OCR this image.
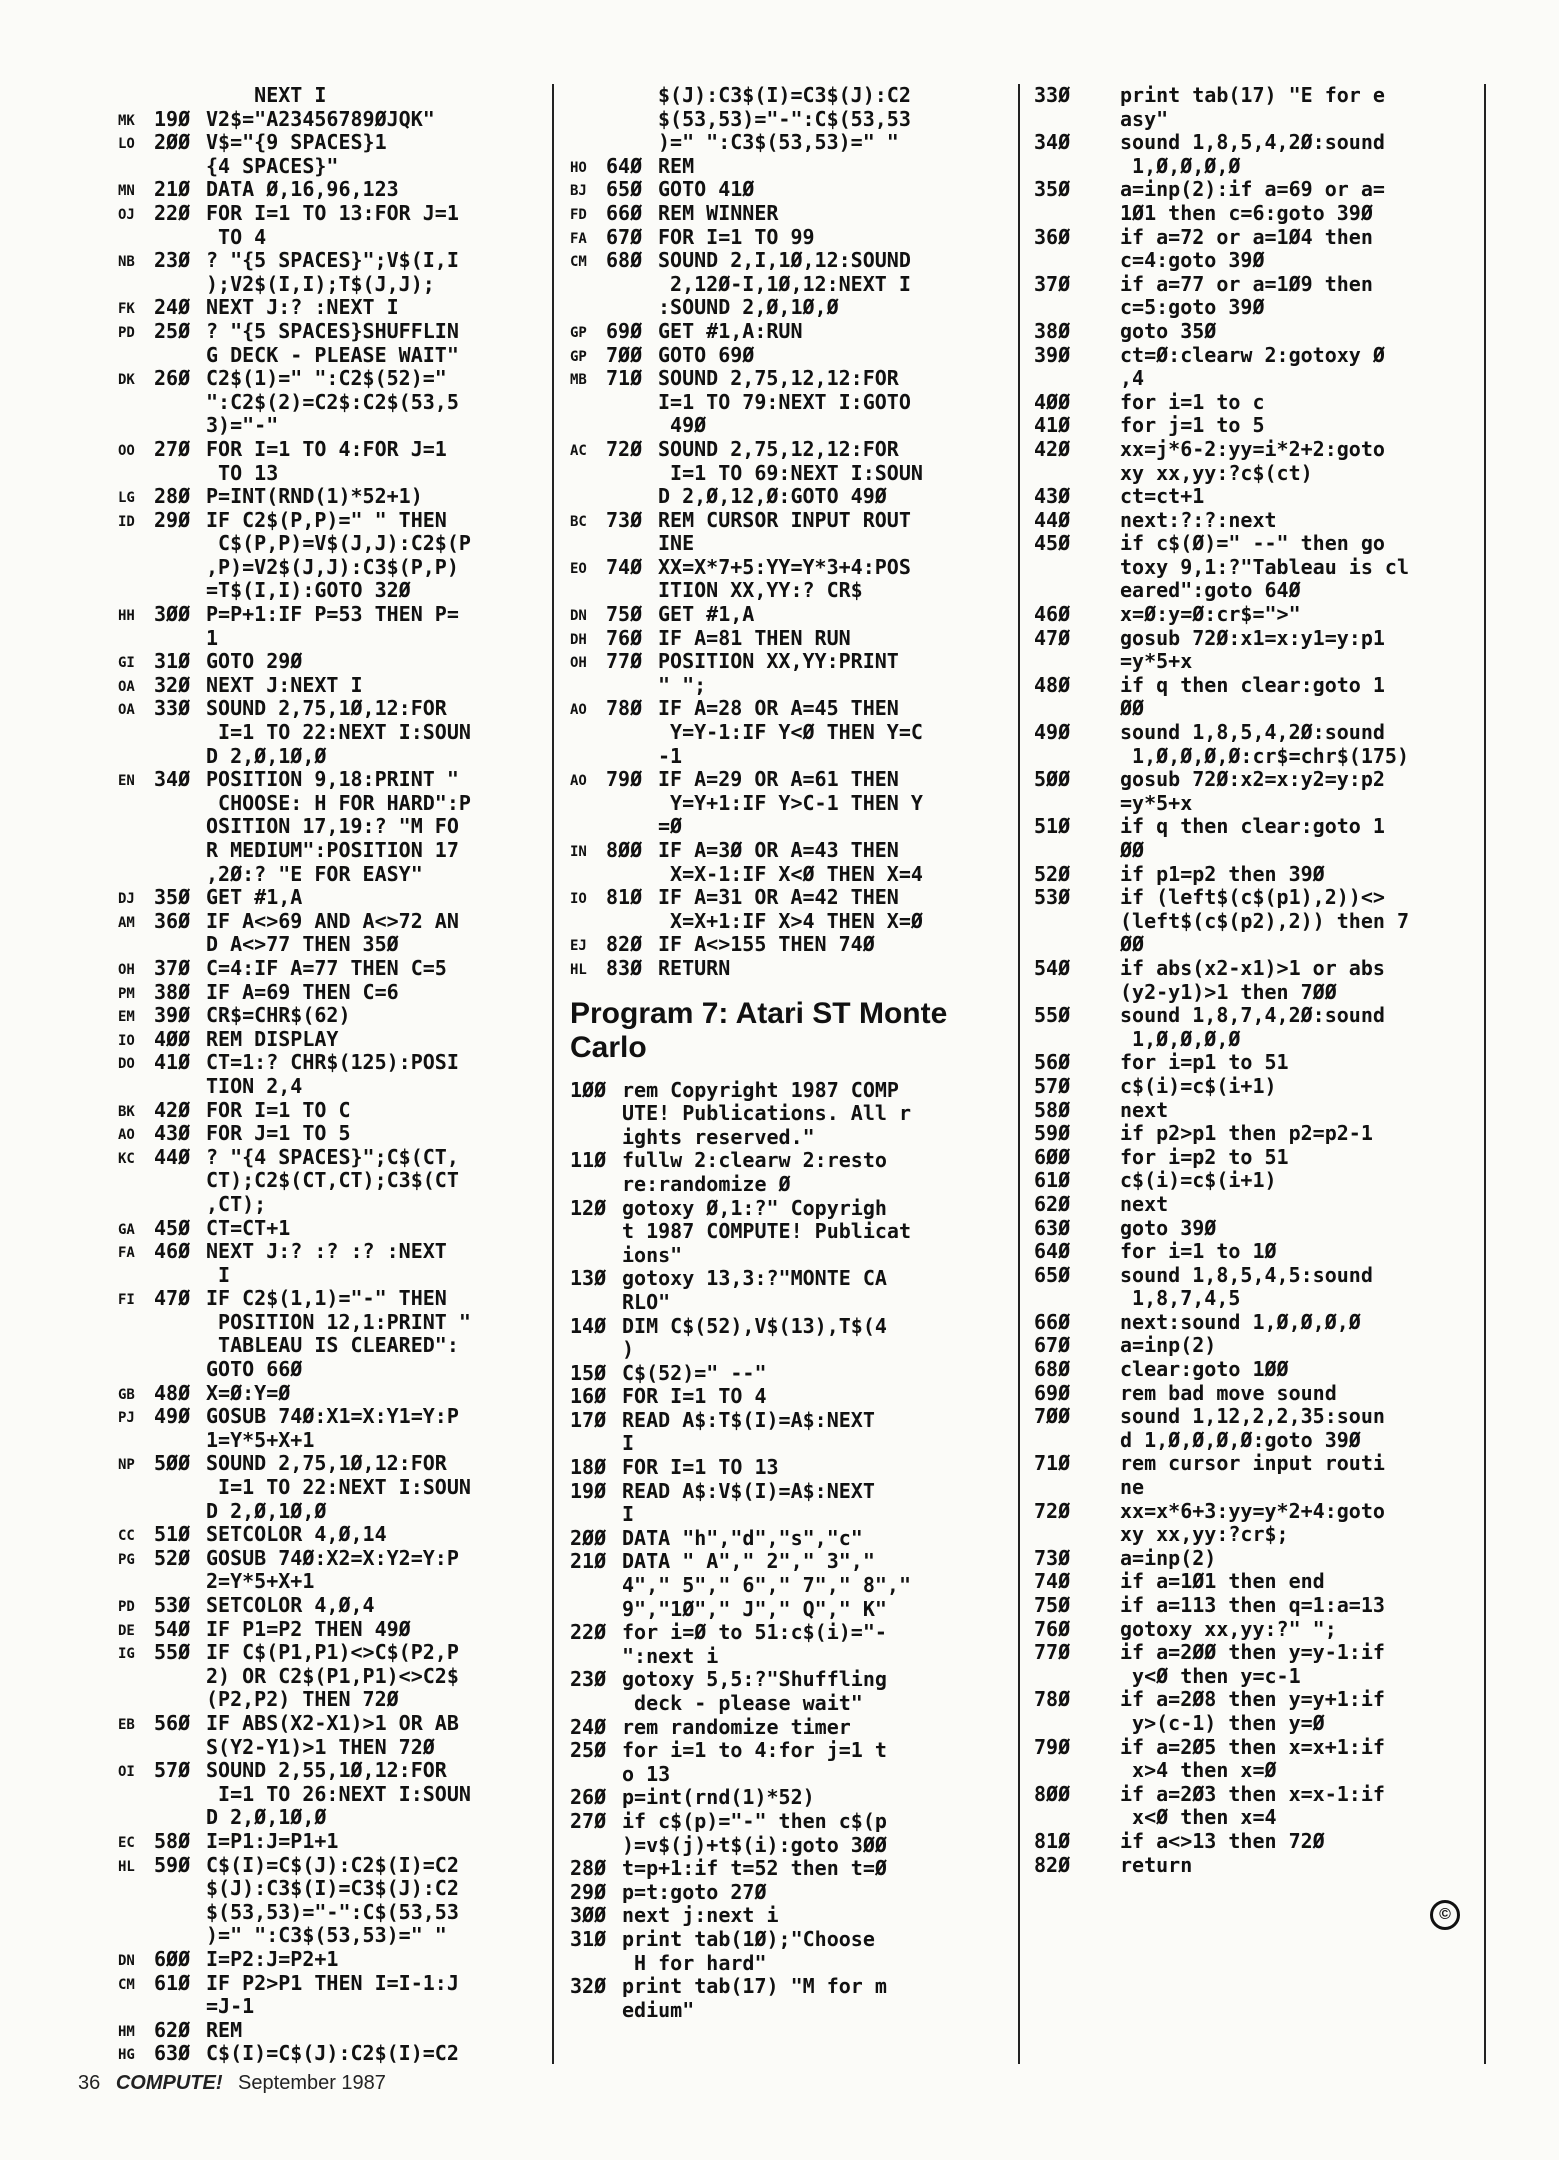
NEXT I
MK 19Ø V2$="A23456789ØJQK"
LO 2ØØ V$="{9 SPACES}1
{4 SPACES}"
MN 21Ø DATA Ø,16,96,123
OJ 22Ø FOR I=1 TO 13:FOR J=1
TO 4
NB 23Ø ? "{5 SPACES}";V$(I,I
);V2$(I,I);T$(J,J);
FK 24Ø NEXT J:? :NEXT I
PD 25Ø ? "{5 SPACES}SHUFFLIN
G DECK - PLEASE WAIT"
DK 26Ø C2$(1)=" ":C2$(52)="
":C2$(2)=C2$:C2$(53,5
3)="-"
OO 27Ø FOR I=1 TO 4:FOR J=1
TO 13
LG 28Ø P=INT(RND(1)*52+1)
ID 29Ø IF C2$(P,P)=" " THEN
C$(P,P)=V$(J,J):C2$(P
,P)=V2$(J,J):C3$(P,P)
=T$(I,I):GOTO 32Ø
HH 3ØØ P=P+1:IF P=53 THEN P=
1
GI 31Ø GOTO 29Ø
OA 32Ø NEXT J:NEXT I
OA 33Ø SOUND 2,75,1Ø,12:FOR
I=1 TO 22:NEXT I:SOUN
D 2,Ø,1Ø,Ø
EN 34Ø POSITION 9,18:PRINT "
CHOOSE: H FOR HARD":P
OSITION 17,19:? "M FO
R MEDIUM":POSITION 17
,2Ø:? "E FOR EASY"
DJ 35Ø GET #1,A
AM 36Ø IF A<>69 AND A<>72 AN
D A<>77 THEN 35Ø
OH 37Ø C=4:IF A=77 THEN C=5
PM 38Ø IF A=69 THEN C=6
EM 39Ø CR$=CHR$(62)
IO 4ØØ REM DISPLAY
DO 41Ø CT=1:? CHR$(125):POSI
TION 2,4
BK 42Ø FOR I=1 TO C
AO 43Ø FOR J=1 TO 5
KC 44Ø ? "{4 SPACES}";C$(CT,
CT);C2$(CT,CT);C3$(CT
,CT);
GA 45Ø CT=CT+1
FA 46Ø NEXT J:? :? :? :NEXT
I
FI 47Ø IF C2$(1,1)="-" THEN
POSITION 12,1:PRINT "
TABLEAU IS CLEARED":
GOTO 66Ø
GB 48Ø X=Ø:Y=Ø
PJ 49Ø GOSUB 74Ø:X1=X:Y1=Y:P
1=Y*5+X+1
NP 5ØØ SOUND 2,75,1Ø,12:FOR
I=1 TO 22:NEXT I:SOUN
D 2,Ø,1Ø,Ø
CC 51Ø SETCOLOR 4,Ø,14
PG 52Ø GOSUB 74Ø:X2=X:Y2=Y:P
2=Y*5+X+1
PD 53Ø SETCOLOR 4,Ø,4
DE 54Ø IF P1=P2 THEN 49Ø
IG 55Ø IF C$(P1,P1)<>C$(P2,P
2) OR C2$(P1,P1)<>C2$
(P2,P2) THEN 72Ø
EB 56Ø IF ABS(X2-X1)>1 OR AB
S(Y2-Y1)>1 THEN 72Ø
OI 57Ø SOUND 2,55,1Ø,12:FOR
I=1 TO 26:NEXT I:SOUN
D 2,Ø,1Ø,Ø
EC 58Ø I=P1:J=P1+1
HL 59Ø C$(I)=C$(J):C2$(I)=C2
$(J):C3$(I)=C3$(J):C2
$(53,53)="-":C$(53,53
)=" ":C3$(53,53)=" "
DN 6ØØ I=P2:J=P2+1
CM 61Ø IF P2>P1 THEN I=I-1:J
=J-1
HM 62Ø REM
HG 63Ø C$(I)=C$(J):C2$(I)=C2
$(J):C3$(I)=C3$(J):C2
$(53,53)="-":C$(53,53
)=" ":C3$(53,53)=" "
HO 64Ø REM
BJ 65Ø GOTO 41Ø
FD 66Ø REM WINNER
FA 67Ø FOR I=1 TO 99
CM 68Ø SOUND 2,I,1Ø,12:SOUND
2,12Ø-I,1Ø,12:NEXT I
:SOUND 2,Ø,1Ø,Ø
GP 69Ø GET #1,A:RUN
GP 7ØØ GOTO 69Ø
MB 71Ø SOUND 2,75,12,12:FOR
I=1 TO 79:NEXT I:GOTO
49Ø
AC 72Ø SOUND 2,75,12,12:FOR
I=1 TO 69:NEXT I:SOUN
D 2,Ø,12,Ø:GOTO 49Ø
BC 73Ø REM CURSOR INPUT ROUT
INE
EO 74Ø XX=X*7+5:YY=Y*3+4:POS
ITION XX,YY:? CR$
DN 75Ø GET #1,A
DH 76Ø IF A=81 THEN RUN
OH 77Ø POSITION XX,YY:PRINT
" ";
AO 78Ø IF A=28 OR A=45 THEN
Y=Y-1:IF Y<Ø THEN Y=C
-1
AO 79Ø IF A=29 OR A=61 THEN
Y=Y+1:IF Y>C-1 THEN Y
=Ø
IN 8ØØ IF A=3Ø OR A=43 THEN
X=X-1:IF X<Ø THEN X=4
IO 81Ø IF A=31 OR A=42 THEN
X=X+1:IF X>4 THEN X=Ø
EJ 82Ø IF A<>155 THEN 74Ø
HL 83Ø RETURN
Program 7: Atari ST Monte Carlo
1ØØ rem Copyright 1987 COMP
UTE! Publications. All r
ights reserved."
11Ø fullw 2:clearw 2:resto
re:randomize Ø
12Ø gotoxy Ø,1:?" Copyrigh
t 1987 COMPUTE! Publicat
ions"
13Ø gotoxy 13,3:?"MONTE CA
RLO"
14Ø DIM C$(52),V$(13),T$(4
)
15Ø C$(52)=" --"
16Ø FOR I=1 TO 4
17Ø READ A$:T$(I)=A$:NEXT
I
18Ø FOR I=1 TO 13
19Ø READ A$:V$(I)=A$:NEXT
I
2ØØ DATA "h","d","s","c"
21Ø DATA " A"," 2"," 3","
4"," 5"," 6"," 7"," 8","
9","1Ø"," J"," Q"," K"
22Ø for i=Ø to 51:c$(i)="-
":next i
23Ø gotoxy 5,5:?"Shuffling
deck - please wait"
24Ø rem randomize timer
25Ø for i=1 to 4:for j=1 t
o 13
26Ø p=int(rnd(1)*52)
27Ø if c$(p)="-" then c$(p
)=v$(j)+t$(i):goto 3ØØ
28Ø t=p+1:if t=52 then t=Ø
29Ø p=t:goto 27Ø
3ØØ next j:next i
31Ø print tab(1Ø);"Choose
H for hard"
32Ø print tab(17) "M for m
edium"
33Ø	print tab(17) "E for e
asy"
34Ø	sound 1,8,5,4,2Ø:sound
1,Ø,Ø,Ø,Ø
35Ø	a=inp(2):if a=69 or a=
1Ø1 then c=6:goto 39Ø
36Ø	if a=72 or a=1Ø4 then
c=4:goto 39Ø
37Ø	if a=77 or a=1Ø9 then
c=5:goto 39Ø
38Ø	goto 35Ø
39Ø	ct=Ø:clearw 2:gotoxy Ø
,4
4ØØ	for i=1 to c
41Ø	for j=1 to 5
42Ø	xx=j*6-2:yy=i*2+2:goto
xy xx,yy:?c$(ct)
43Ø	ct=ct+1
44Ø	next:?:?:next
45Ø	if c$(Ø)=" --" then go
toxy 9,1:?"Tableau is cl
eared":goto 64Ø
46Ø	x=Ø:y=Ø:cr$=">"
47Ø	gosub 72Ø:x1=x:y1=y:p1
=y*5+x
48Ø	if q then clear:goto 1
ØØ
49Ø	sound 1,8,5,4,2Ø:sound
1,Ø,Ø,Ø,Ø:cr$=chr$(175)
5ØØ	gosub 72Ø:x2=x:y2=y:p2
=y*5+x
51Ø	if q then clear:goto 1
ØØ
52Ø	if p1=p2 then 39Ø
53Ø	if (left$(c$(p1),2))<>
(left$(c$(p2),2)) then 7
ØØ
54Ø	if abs(x2-x1)>1 or abs
(y2-y1)>1 then 7ØØ
55Ø	sound 1,8,7,4,2Ø:sound
1,Ø,Ø,Ø,Ø
56Ø	for i=p1 to 51
57Ø	c$(i)=c$(i+1)
58Ø	next
59Ø	if p2>p1 then p2=p2-1
6ØØ	for i=p2 to 51
61Ø	c$(i)=c$(i+1)
62Ø	next
63Ø	goto 39Ø
64Ø	for i=1 to 1Ø
65Ø	sound 1,8,5,4,5:sound
1,8,7,4,5
66Ø	next:sound 1,Ø,Ø,Ø,Ø
67Ø	a=inp(2)
68Ø	clear:goto 1ØØ
69Ø	rem bad move sound
7ØØ	sound 1,12,2,2,35:soun
d 1,Ø,Ø,Ø,Ø:goto 39Ø
71Ø	rem cursor input routi
ne
72Ø	xx=x*6+3:yy=y*2+4:goto
xy xx,yy:?cr$;
73Ø	a=inp(2)
74Ø	if a=1Ø1 then end
75Ø	if a=113 then q=1:a=13
76Ø	gotoxy xx,yy:?" ";
77Ø	if a=2ØØ then y=y-1:if
y<Ø then y=c-1
78Ø	if a=2Ø8 then y=y+1:if
y>(c-1) then y=Ø
79Ø	if a=2Ø5 then x=x+1:if
x>4 then x=Ø
8ØØ	if a=2Ø3 then x=x-1:if
x<Ø then x=4
81Ø	if a<>13 then 72Ø
82Ø	return
36 COMPUTE! September 1987
©
